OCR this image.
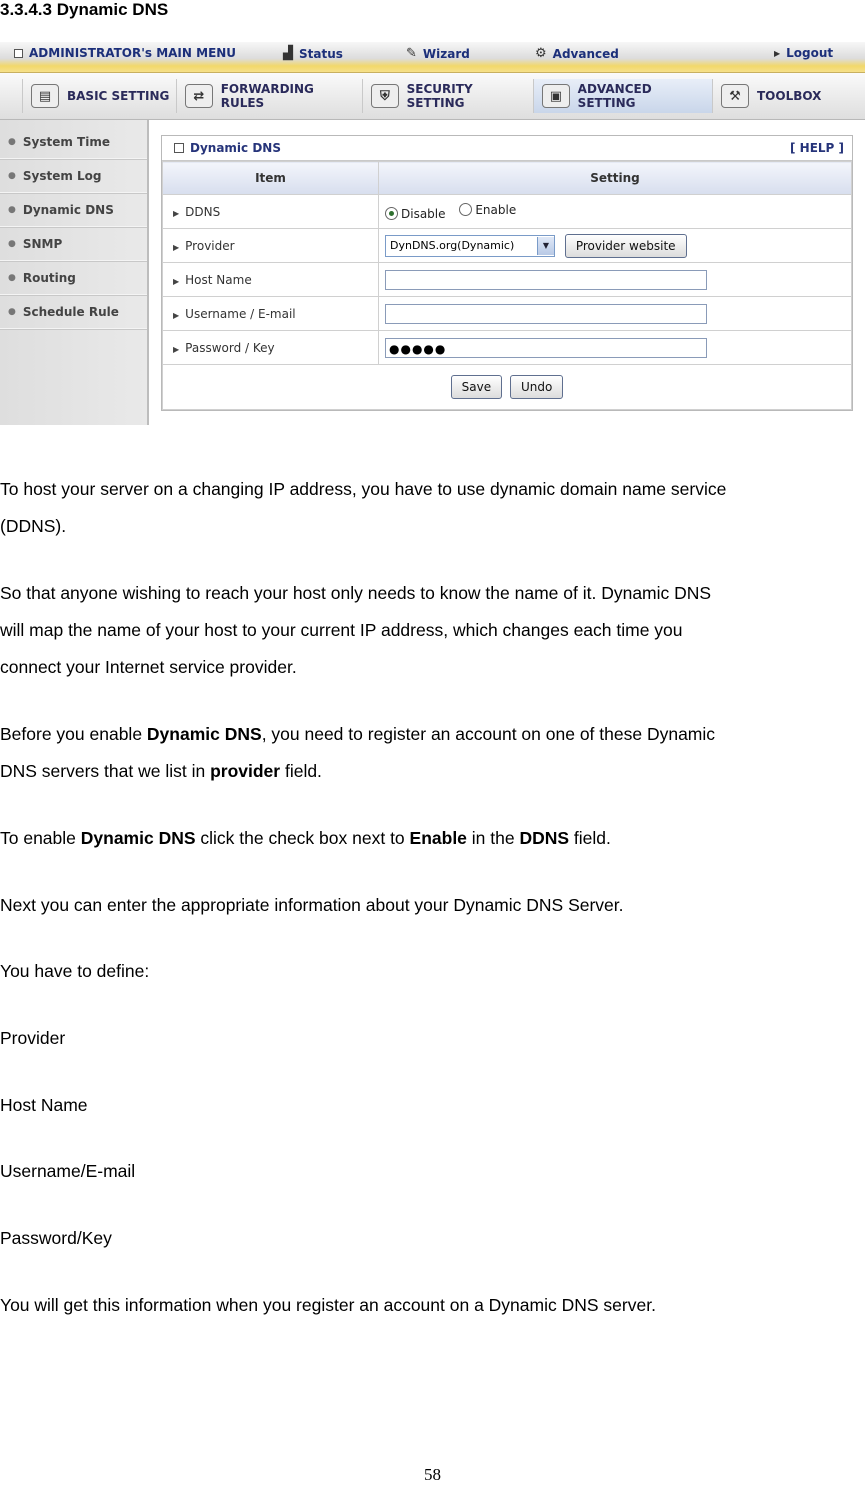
3.3.4.3 Dynamic DNS
ADMINISTRATOR's MAIN MENU	▟ Status	✎ Wizard	⚙ Advanced	▶ Logout
▤	BASIC SETTING	⇄	FORWARDING RULES	⛨	SECURITY SETTING	▣	ADVANCED SETTING	⚒	TOOLBOX
● System Time
● System Log
● Dynamic DNS
● SNMP
● Routing
● Schedule Rule
Dynamic DNS	[ HELP ]
Item	Setting
▶ DDNS	Disable
Enable

▶ Provider	DynDNS.org(Dynamic) ▼ Provider website
▶ Host Name	
▶ Username / E-mail	
▶ Password / Key	●●●●●
Save Undo	
To host your server on a changing IP address, you have to use dynamic domain name service
(DDNS).
So that anyone wishing to reach your host only needs to know the name of it. Dynamic DNS
will map the name of your host to your current IP address, which changes each time you
connect your Internet service provider.
Before you enable Dynamic DNS, you need to register an account on one of these Dynamic
DNS servers that we list in provider field.
To enable Dynamic DNS click the check box next to Enable in the DDNS field.
Next you can enter the appropriate information about your Dynamic DNS Server.
You have to define:
Provider
Host Name
Username/E-mail
Password/Key
You will get this information when you register an account on a Dynamic DNS server.
58
